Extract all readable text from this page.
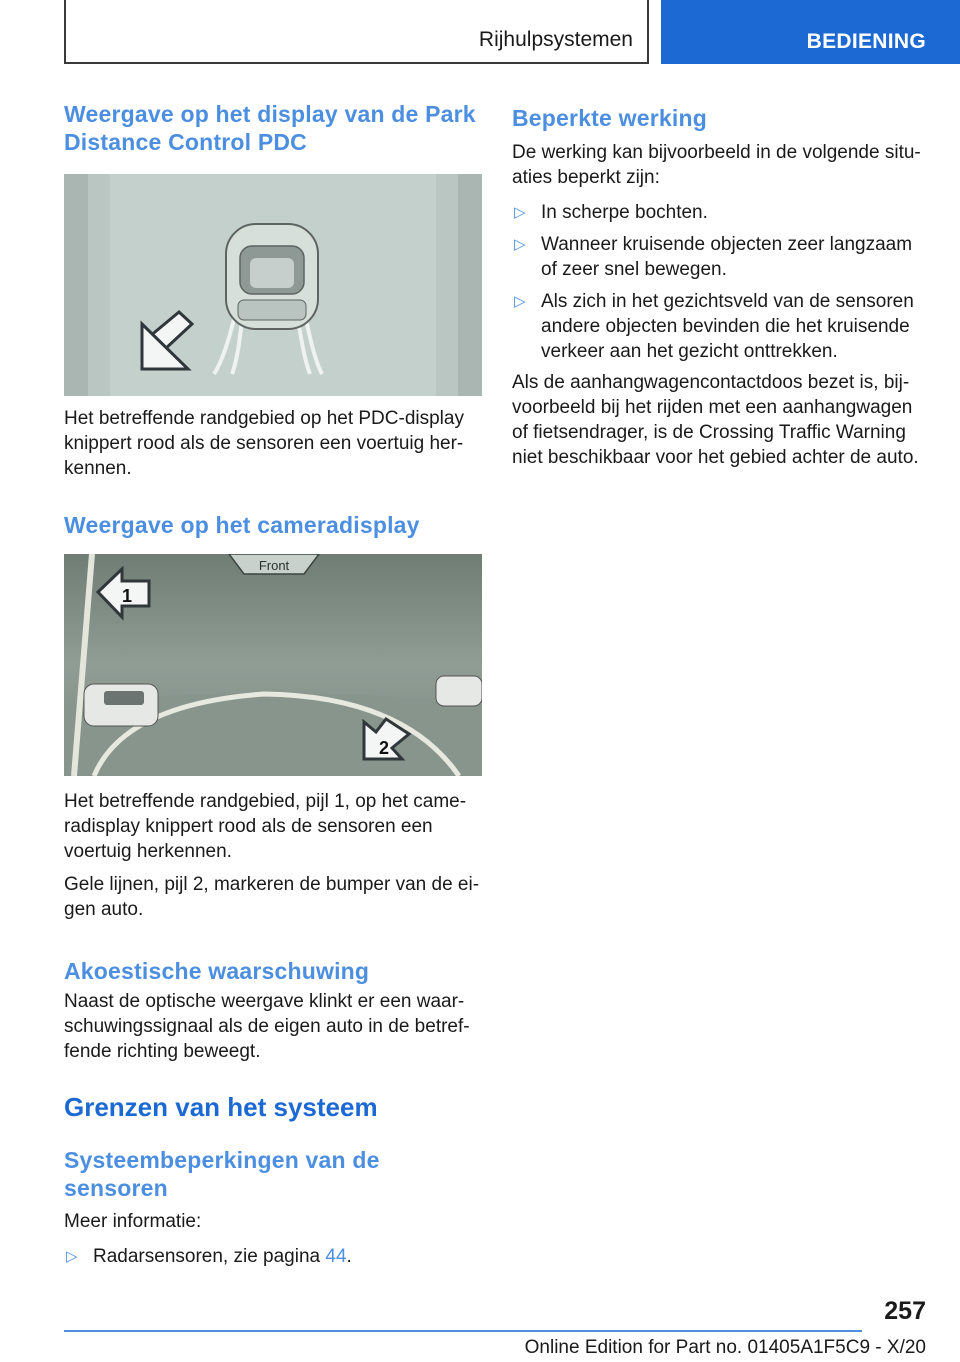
Rijhulpsystemen	BEDIENING
Weergave op het display van de Park Distance Control PDC

Het betreffende randgebied op het PDC-display knippert rood als de sensoren een voertuig her-kennen.

Weergave op het cameradisplay
Front
1
2

Het betreffende randgebied, pijl 1, op het came-radisplay knippert rood als de sensoren een voertuig herkennen.

Gele lijnen, pijl 2, markeren de bumper van de ei-gen auto.

Akoestische waarschuwing

Naast de optische weergave klinkt er een waar-schuwingssignaal als de eigen auto in de betref-fende richting beweegt.

Grenzen van het systeem
Systeembeperkingen van de sensoren

Meer informatie:

▷ Radarsensoren, zie pagina 44.
Beperkte werking

De werking kan bijvoorbeeld in de volgende situ-aties beperkt zijn:

▷ In scherpe bochten.
▷ Wanneer kruisende objecten zeer langzaam of zeer snel bewegen.
▷ Als zich in het gezichtsveld van de sensoren andere objecten bevinden die het kruisende verkeer aan het gezicht onttrekken.

Als de aanhangwagencontactdoos bezet is, bij-voorbeeld bij het rijden met een aanhangwagen of fietsendrager, is de Crossing Traffic Warning niet beschikbaar voor het gebied achter de auto.

257
Online Edition for Part no. 01405A1F5C9 - X/20
